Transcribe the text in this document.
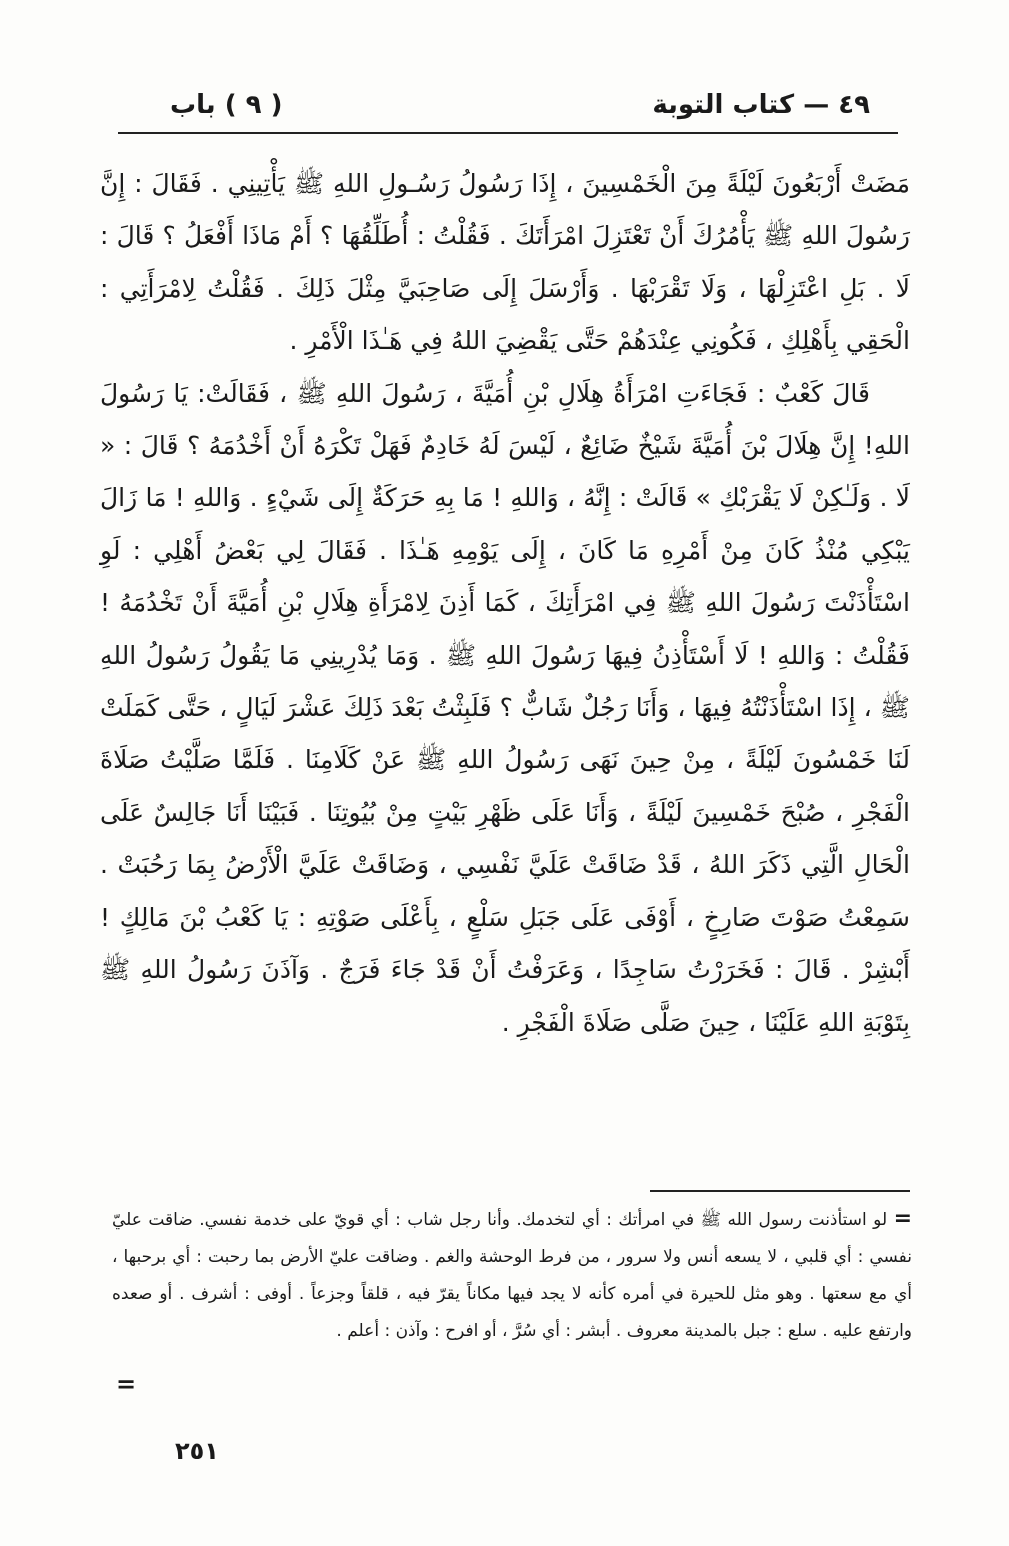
٤٩ — كتاب التوبة
( ٩ ) باب

مَضَتْ أَرْبَعُونَ لَيْلَةً مِنَ الْخَمْسِينَ ، إِذَا رَسُولُ رَسُـولِ اللهِ ﷺ يَأْتِينِي . فَقَالَ : إِنَّ رَسُولَ اللهِ ﷺ يَأْمُرُكَ أَنْ تَعْتَزِلَ امْرَأَتَكَ . فَقُلْتُ : أُطَلِّقُهَا ؟ أَمْ مَاذَا أَفْعَلُ ؟ قَالَ : لَا . بَلِ اعْتَزِلْهَا ، وَلَا تَقْرَبْهَا . وَأَرْسَلَ إِلَى صَاحِبَيَّ مِثْلَ ذَلِكَ . فَقُلْتُ لِامْرَأَتِي : الْحَقِي بِأَهْلِكِ ، فَكُونِي عِنْدَهُمْ حَتَّى يَقْضِيَ اللهُ فِي هَـٰذَا الْأَمْرِ .

قَالَ كَعْبٌ : فَجَاءَتِ امْرَأَةُ هِلَالِ بْنِ أُمَيَّةَ ، رَسُولَ اللهِ ﷺ ، فَقَالَتْ: يَا رَسُولَ اللهِ! إِنَّ هِلَالَ بْنَ أُمَيَّةَ شَيْخٌ ضَائِعٌ ، لَيْسَ لَهُ خَادِمٌ فَهَلْ تَكْرَهُ أَنْ أَخْدُمَهُ ؟ قَالَ : « لَا . وَلَـٰكِنْ لَا يَقْرَبْكِ » قَالَتْ : إِنَّهُ ، وَاللهِ ! مَا بِهِ حَرَكَةٌ إِلَى شَيْءٍ . وَاللهِ ! مَا زَالَ يَبْكِي مُنْذُ كَانَ مِنْ أَمْرِهِ مَا كَانَ ، إِلَى يَوْمِهِ هَـٰذَا . فَقَالَ لِي بَعْضُ أَهْلِي : لَوِ اسْتَأْذَنْتَ رَسُولَ اللهِ ﷺ فِي امْرَأَتِكَ ، كَمَا أَذِنَ لِامْرَأَةِ هِلَالِ بْنِ أُمَيَّةَ أَنْ تَخْدُمَهُ ! فَقُلْتُ : وَاللهِ ! لَا أَسْتَأْذِنُ فِيهَا رَسُولَ اللهِ ﷺ . وَمَا يُدْرِينِي مَا يَقُولُ رَسُولُ اللهِ ﷺ ، إِذَا اسْتَأْذَنْتُهُ فِيهَا ، وَأَنَا رَجُلٌ شَابٌّ ؟ فَلَبِثْتُ بَعْدَ ذَلِكَ عَشْرَ لَيَالٍ ، حَتَّى كَمَلَتْ لَنَا خَمْسُونَ لَيْلَةً ، مِنْ حِينَ نَهَى رَسُولُ اللهِ ﷺ عَنْ كَلَامِنَا . فَلَمَّا صَلَّيْتُ صَلَاةَ الْفَجْرِ ، صُبْحَ خَمْسِينَ لَيْلَةً ، وَأَنَا عَلَى ظَهْرِ بَيْتٍ مِنْ بُيُوتِنَا . فَبَيْنَا أَنَا جَالِسٌ عَلَى الْحَالِ الَّتِي ذَكَرَ اللهُ ، قَدْ ضَاقَتْ عَلَيَّ نَفْسِي ، وَضَاقَتْ عَلَيَّ الْأَرْضُ بِمَا رَحُبَتْ . سَمِعْتُ صَوْتَ صَارِخٍ ، أَوْفَى عَلَى جَبَلِ سَلْعٍ ، بِأَعْلَى صَوْتِهِ : يَا كَعْبُ بْنَ مَالِكٍ ! أَبْشِرْ . قَالَ : فَخَرَرْتُ سَاجِدًا ، وَعَرَفْتُ أَنْ قَدْ جَاءَ فَرَجٌ . وَآذَنَ رَسُولُ اللهِ ﷺ بِتَوْبَةِ اللهِ عَلَيْنَا ، حِينَ صَلَّى صَلَاةَ الْفَجْرِ .

= لو استأذنت رسول الله ﷺ في امرأتك : أي لتخدمك. وأنا رجل شاب : أي قويّ على خدمة نفسي. ضاقت عليّ نفسي : أي قلبي ، لا يسعه أنس ولا سرور ، من فرط الوحشة والغم . وضاقت عليّ الأرض بما رحبت : أي برحبها ، أي مع سعتها . وهو مثل للحيرة في أمره كأنه لا يجد فيها مكاناً يقرّ فيه ، قلقاً وجزعاً . أوفى : أشرف . أو صعده وارتفع عليه . سلع : جبل بالمدينة معروف . أبشر : أي سُرَّ ، أو افرح : وآذن : أعلم .

=
٢٥١
